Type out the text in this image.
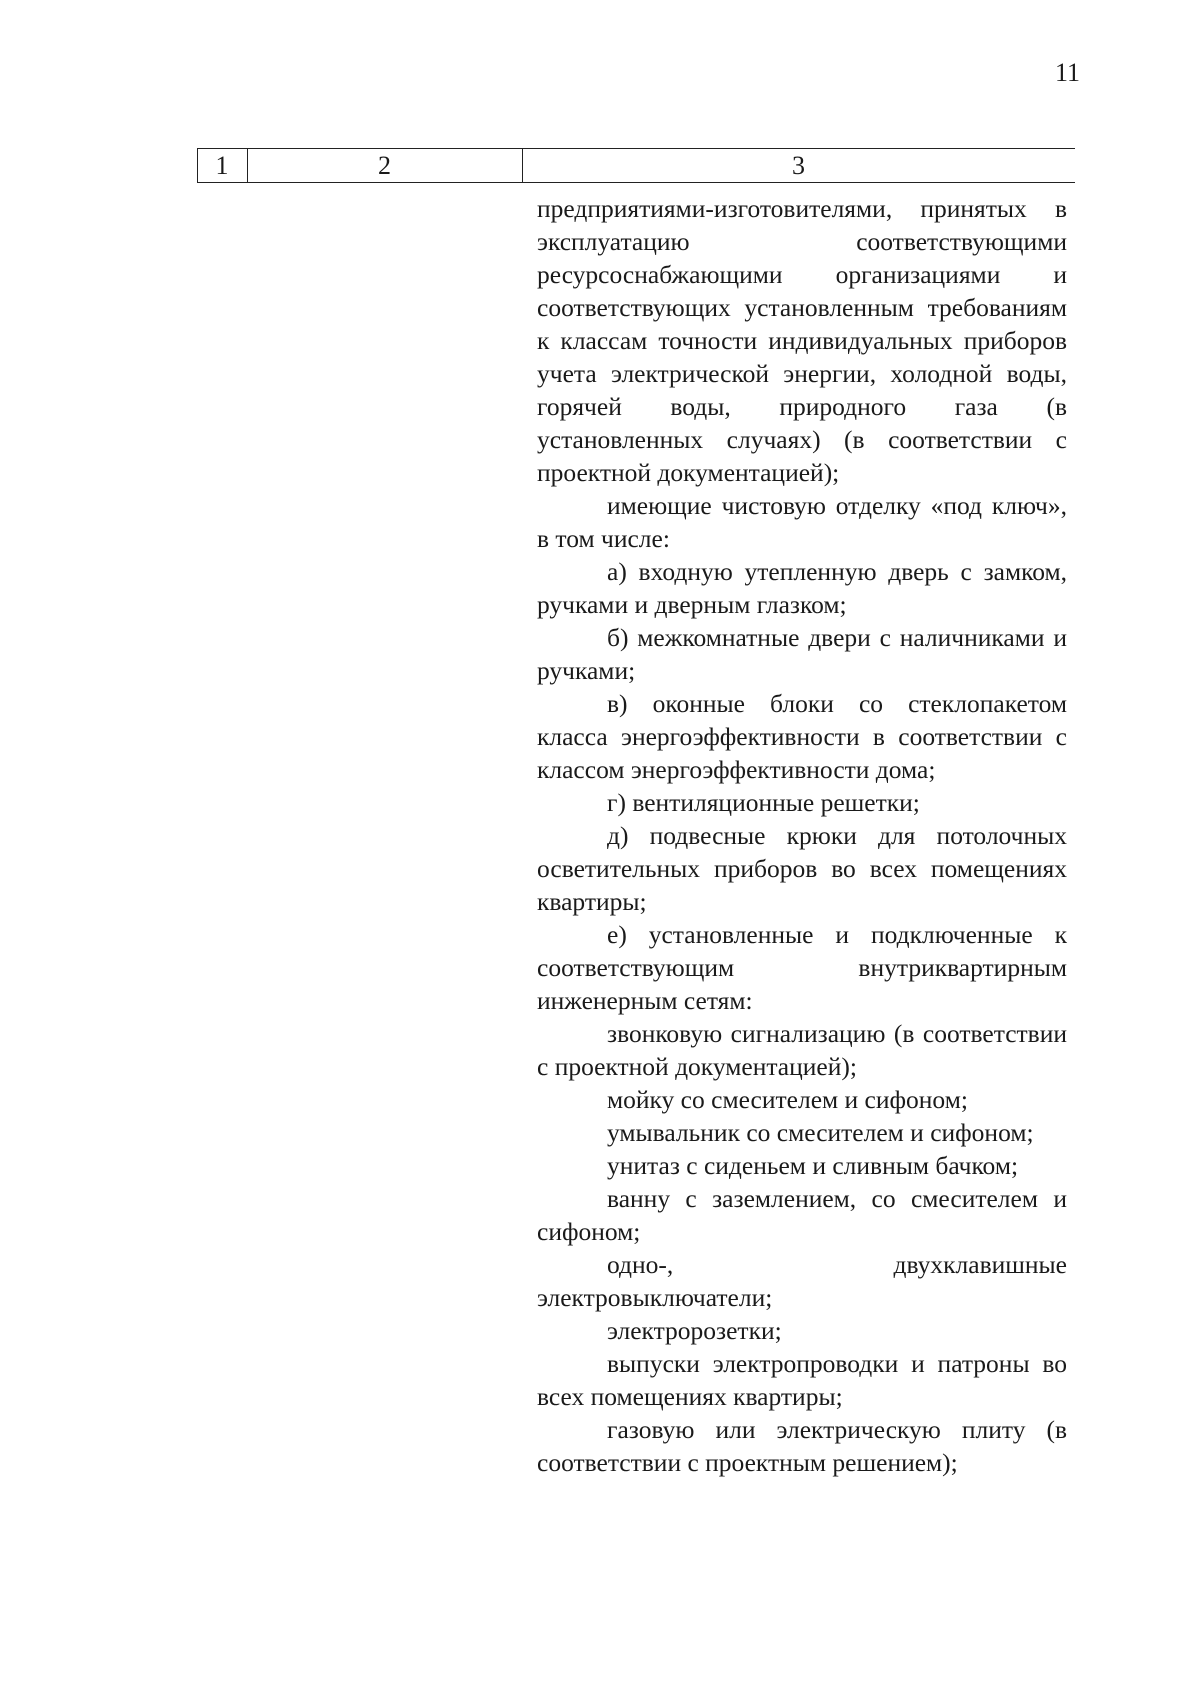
11
1	2	3

предприятиями-изготовителями, принятых в эксплуатацию соответствующими ресурсоснабжающими организациями и соответствующих установленным требованиям к классам точности индивидуальных приборов учета электрической энергии, холодной воды, горячей воды, природного газа (в установленных случаях) (в соответствии с проектной документацией);

имеющие чистовую отделку «под ключ», в том числе:

а) входную утепленную дверь с замком, ручками и дверным глазком;

б) межкомнатные двери с наличниками и ручками;

в) оконные блоки со стеклопакетом класса энергоэффективности в соответствии с классом энергоэффективности дома;

г) вентиляционные решетки;

д) подвесные крюки для потолочных осветительных приборов во всех помещениях квартиры;

е) установленные и подключенные к соответствующим внутриквартирным инженерным сетям:

звонковую сигнализацию (в соответствии с проектной документацией);

мойку со смесителем и сифоном;

умывальник со смесителем и сифоном;

унитаз с сиденьем и сливным бачком;

ванну с заземлением, со смесителем и сифоном;

одно-, двухклавишные электровыключатели;

электророзетки;

выпуски электропроводки и патроны во всех помещениях квартиры;

газовую или электрическую плиту (в соответствии с проектным решением);
